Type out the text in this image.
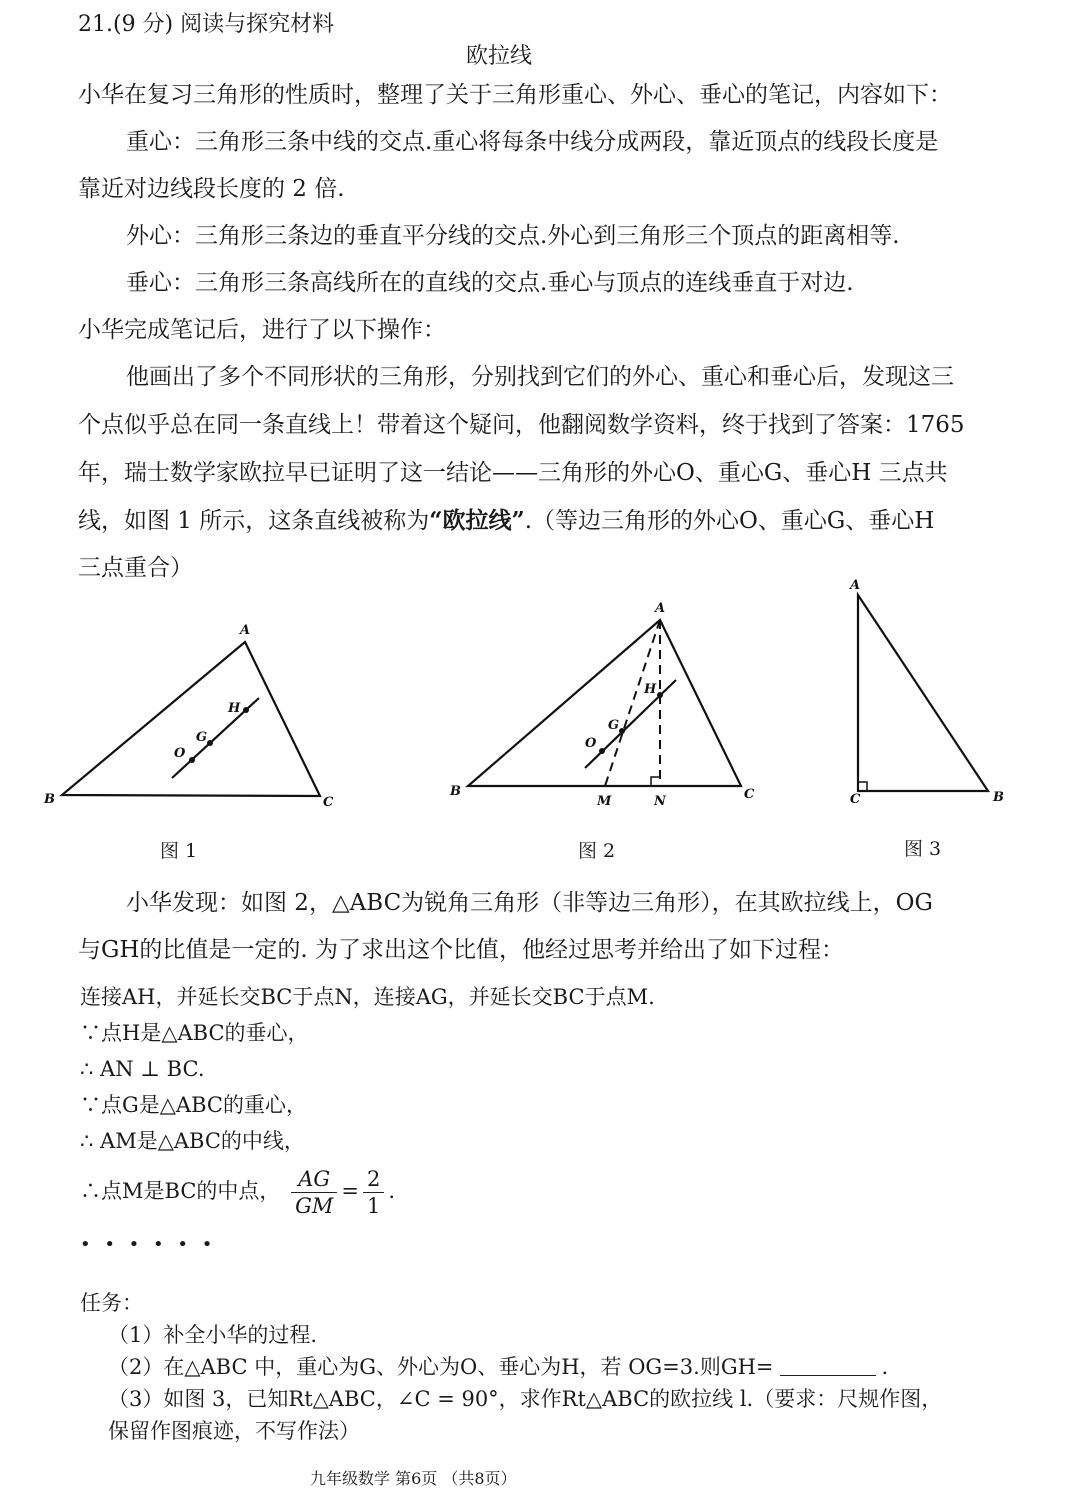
21.(9 分) 阅读与探究材料
欧拉线
小华在复习三角形的性质时，整理了关于三角形重心、外心、垂心的笔记，内容如下：
重心：三角形三条中线的交点.重心将每条中线分成两段，靠近顶点的线段长度是
靠近对边线段长度的 2 倍.
外心：三角形三条边的垂直平分线的交点.外心到三角形三个顶点的距离相等.
垂心：三角形三条高线所在的直线的交点.垂心与顶点的连线垂直于对边.
小华完成笔记后，进行了以下操作：
他画出了多个不同形状的三角形，分别找到它们的外心、重心和垂心后，发现这三
个点似乎总在同一条直线上！带着这个疑问，他翻阅数学资料，终于找到了答案：1765
年，瑞士数学家欧拉早已证明了这一结论——三角形的外心O、重心G、垂心H 三点共
线，如图 1 所示，这条直线被称为“欧拉线”.（等边三角形的外心O、重心G、垂心H
三点重合）
A
B	C
O
G
H
图 1
A
B	C
O
G
H
M	N
图 2
A
C	B
图 3
小华发现：如图 2，△ABC为锐角三角形（非等边三角形），在其欧拉线上，OG
与GH的比值是一定的. 为了求出这个比值，他经过思考并给出了如下过程：
连接AH，并延长交BC于点N，连接AG，并延长交BC于点M.
∵点H是△ABC的垂心，
∴ AN ⊥ BC.
∵点G是△ABC的重心，
∴ AM是△ABC的中线，
∴点M是BC的中点， $\frac{AG}{GM} = \frac{2}{1}$ .
• • • • • •
任务：
（1）补全小华的过程.
（2）在△ABC 中，重心为G、外心为O、垂心为H，若 OG=3.则GH=	.
（3）如图 3，已知Rt△ABC，∠C = 90°，求作Rt△ABC的欧拉线 l.（要求：尺规作图，
保留作图痕迹，不写作法）
九年级数学 第6页 （共8页）
